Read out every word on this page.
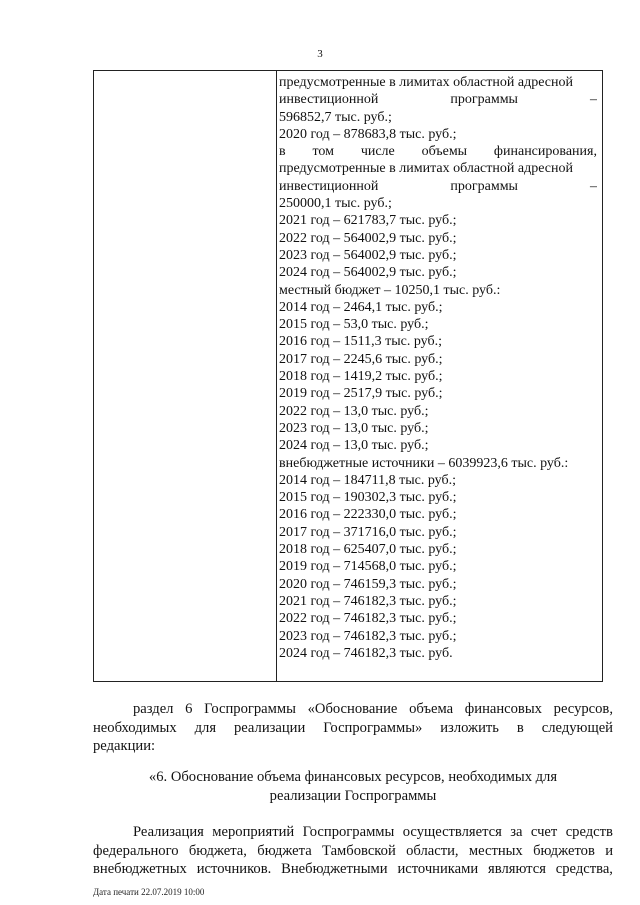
3
предусмотренные в лимитах областной адресной
инвестиционной	программы	–
596852,7 тыс. руб.;
2020 год – 878683,8 тыс. руб.;
в том числе объемы финансирования,
предусмотренные в лимитах областной адресной
инвестиционной	программы	–
250000,1 тыс. руб.;
2021 год – 621783,7 тыс. руб.;
2022 год – 564002,9 тыс. руб.;
2023 год – 564002,9 тыс. руб.;
2024 год – 564002,9 тыс. руб.;
местный бюджет – 10250,1 тыс. руб.:
2014 год – 2464,1 тыс. руб.;
2015 год – 53,0 тыс. руб.;
2016 год – 1511,3 тыс. руб.;
2017 год – 2245,6 тыс. руб.;
2018 год – 1419,2 тыс. руб.;
2019 год – 2517,9 тыс. руб.;
2022 год – 13,0 тыс. руб.;
2023 год – 13,0 тыс. руб.;
2024 год – 13,0 тыс. руб.;
внебюджетные источники – 6039923,6 тыс. руб.:
2014 год – 184711,8 тыс. руб.;
2015 год – 190302,3 тыс. руб.;
2016 год – 222330,0 тыс. руб.;
2017 год – 371716,0 тыс. руб.;
2018 год – 625407,0 тыс. руб.;
2019 год – 714568,0 тыс. руб.;
2020 год – 746159,3 тыс. руб.;
2021 год – 746182,3 тыс. руб.;
2022 год – 746182,3 тыс. руб.;
2023 год – 746182,3 тыс. руб.;
2024 год – 746182,3 тыс. руб.
раздел 6 Госпрограммы «Обоснование объема финансовых ресурсов,
необходимых для реализации Госпрограммы» изложить в следующей
редакции:
«6. Обоснование объема финансовых ресурсов, необходимых для
реализации Госпрограммы
Реализация мероприятий Госпрограммы осуществляется за счет средств
федерального бюджета, бюджета Тамбовской области, местных бюджетов и
внебюджетных источников. Внебюджетными источниками являются средства,
Дата печати 22.07.2019 10:00
